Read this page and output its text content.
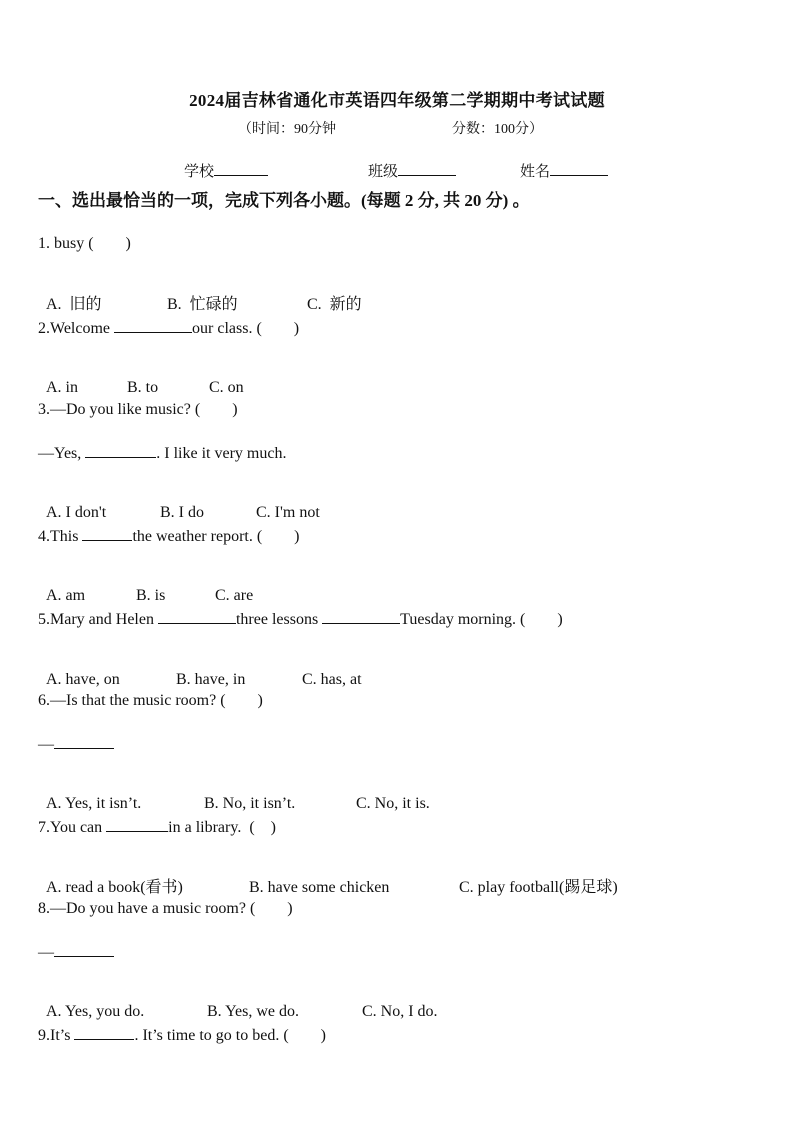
2024届吉林省通化市英语四年级第二学期期中考试试题
（时间：90分钟	分数：100分）
学校	班级	姓名
一、选出最恰当的一项，完成下列各小题。(每题 2 分, 共 20 分) 。
1. busy (　　)

A.  旧的	B.  忙碌的	C.  新的

2.Welcome	our class. (　　)

A. in	B. to	C. on

3.—Do you like music? (　　)
—Yes,	. I like it very much.

A. I don't	B. I do	C. I'm not

4.This	the weather report. (　　)

A. am	B. is	C. are

5.Mary and Helen	three lessons	Tuesday morning. (　　)

A. have, on	B. have, in	C. has, at

6.—Is that the music room? (　　)
—

A. Yes, it isn’t.	B. No, it isn’t.	C. No, it is.

7.You can	in a library.  (　)

A. read a book(看书)	B. have some chicken	C. play football(踢足球)

8.—Do you have a music room? (　　)
—

A. Yes, you do.	B. Yes, we do.	C. No, I do.

9.It’s	. It’s time to go to bed. (　　)
